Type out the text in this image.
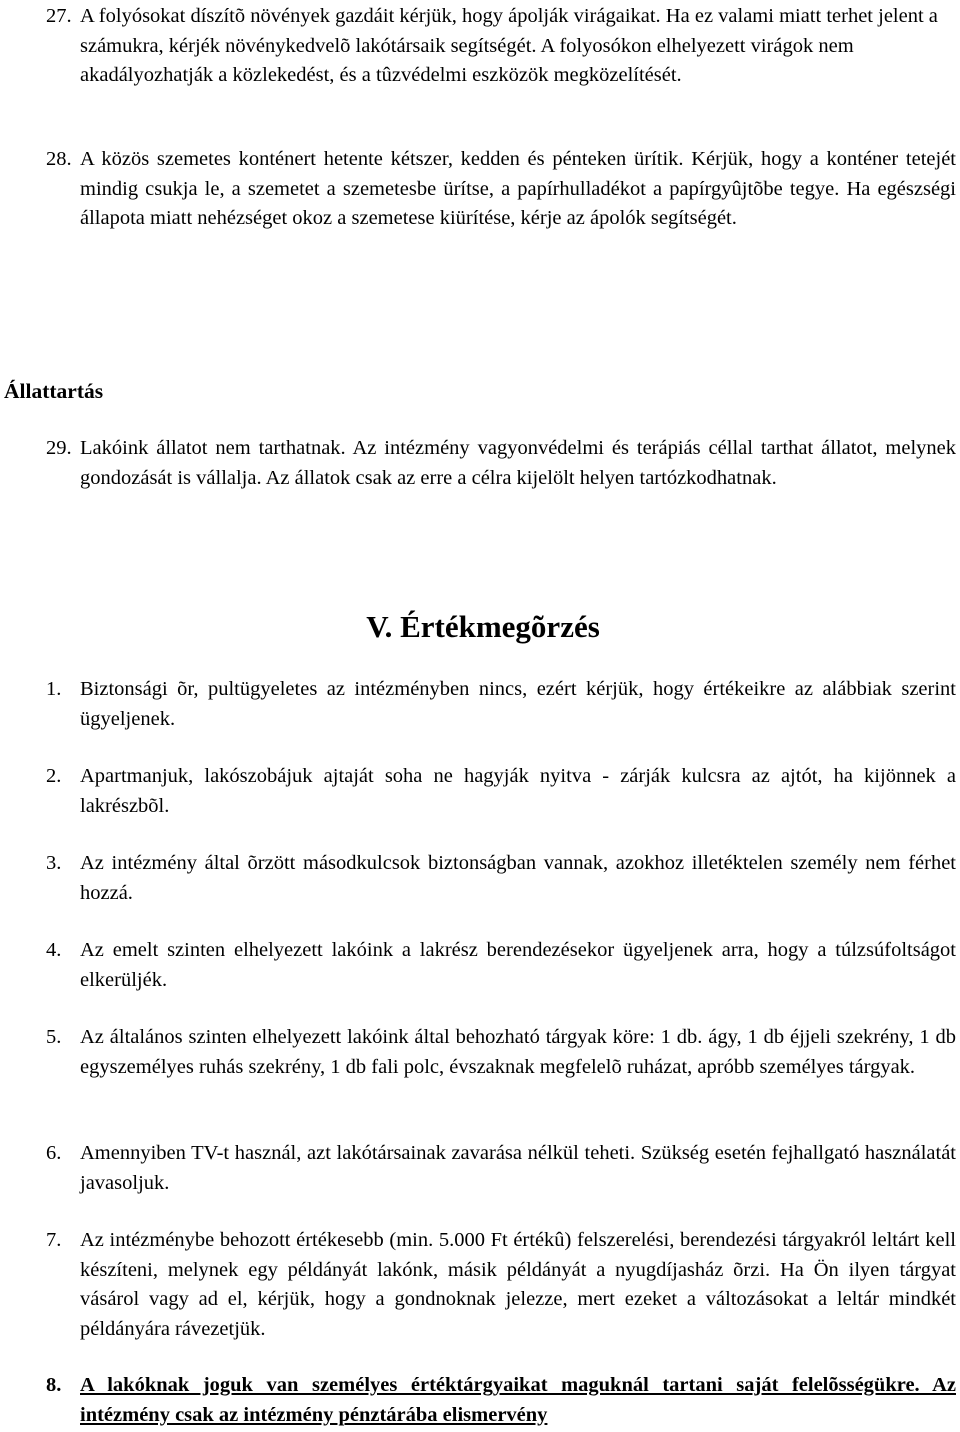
27. A folyósokat díszítõ növények gazdáit kérjük, hogy ápolják virágaikat. Ha ez valami miatt terhet jelent a számukra, kérjék növénykedvelõ lakótársaik segítségét. A folyosókon elhelyezett virágok nem akadályozhatják a közlekedést, és a tûzvédelmi eszközök megközelítését.
28. A közös szemetes konténert hetente kétszer, kedden és pénteken ürítik. Kérjük, hogy a konténer tetejét mindig csukja le, a szemetet a szemetesbe ürítse, a papírhulladékot a papírgyûjtõbe tegye. Ha egészségi állapota miatt nehézséget okoz a szemetese kiürítése, kérje az ápolók segítségét.
Állattartás
29. Lakóink állatot nem tarthatnak. Az intézmény vagyonvédelmi és terápiás céllal tarthat állatot, melynek gondozását is vállalja. Az állatok csak az erre a célra kijelölt helyen tartózkodhatnak.
V. Értékmegõrzés
1. Biztonsági õr, pultügyeletes az intézményben nincs, ezért kérjük, hogy értékeikre az alábbiak szerint ügyeljenek.
2. Apartmanjuk, lakószobájuk ajtaját soha ne hagyják nyitva - zárják kulcsra az ajtót, ha kijönnek a lakrészbõl.
3. Az intézmény által õrzött másodkulcsok biztonságban vannak, azokhoz illetéktelen személy nem férhet hozzá.
4. Az emelt szinten elhelyezett lakóink a lakrész berendezésekor ügyeljenek arra, hogy a túlzsúfoltságot elkerüljék.
5. Az általános szinten elhelyezett lakóink által behozható tárgyak köre: 1 db. ágy, 1 db éjjeli szekrény, 1 db egyszemélyes ruhás szekrény, 1 db fali polc, évszaknak megfelelõ ruházat, apróbb személyes tárgyak.
6. Amennyiben TV-t használ, azt lakótársainak zavarása nélkül teheti. Szükség esetén fejhallgató használatát javasoljuk.
7. Az intézménybe behozott értékesebb (min. 5.000 Ft értékû) felszerelési, berendezési tárgyakról leltárt kell készíteni, melynek egy példányát lakónk, másik példányát a nyugdíjasház õrzi. Ha Ön ilyen tárgyat vásárol vagy ad el, kérjük, hogy a gondnoknak jelezze, mert ezeket a változásokat a leltár mindkét példányára rávezetjük.
8. A lakóknak joguk van személyes értéktárgyaikat maguknál tartani saját felelõsségükre. Az intézmény csak az intézmény pénztárába elismervény
